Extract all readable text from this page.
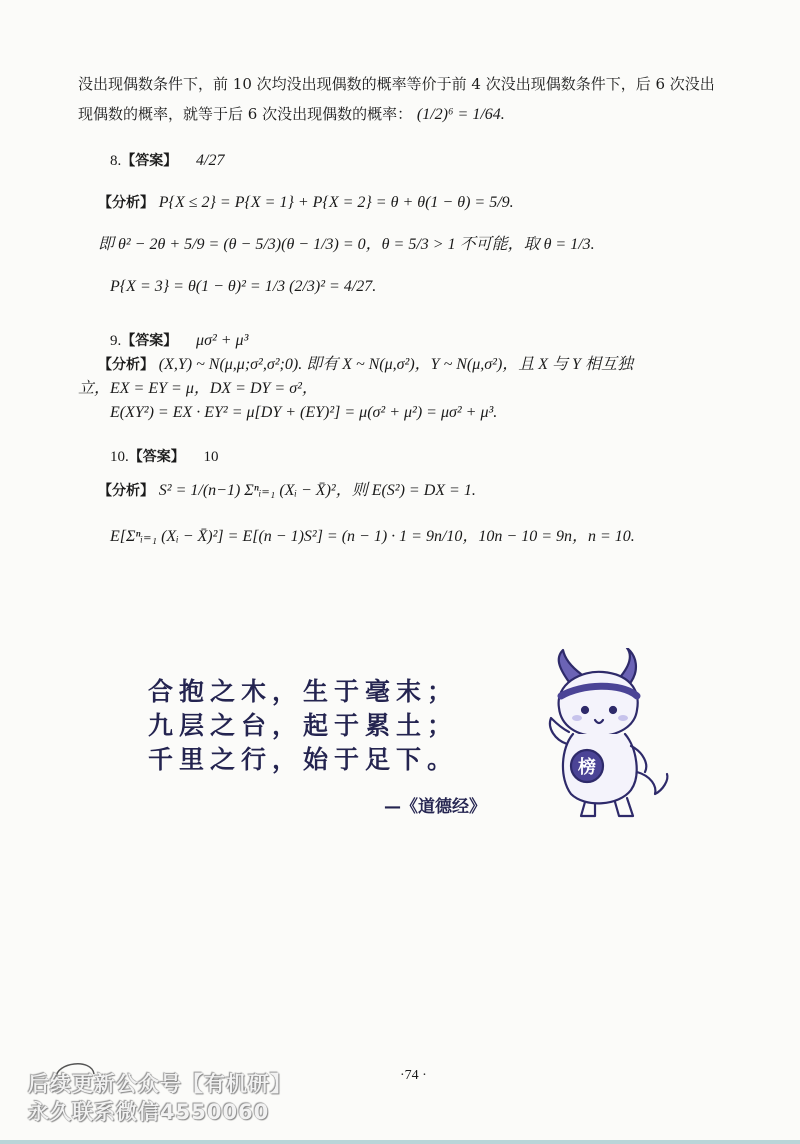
没出现偶数条件下，前 10 次均没出现偶数的概率等价于前 4 次没出现偶数条件下，后 6 次没出
现偶数的概率，就等于后 6 次没出现偶数的概率： (1/2)⁶ = 1/64.
8.【答案】 4/27
【分析】 P{X ≤ 2} = P{X = 1} + P{X = 2} = θ + θ(1 − θ) = 5/9.
即 θ² − 2θ + 5/9 = (θ − 5/3)(θ − 1/3) = 0，θ = 5/3 > 1 不可能，取 θ = 1/3.
P{X = 3} = θ(1 − θ)² = 1/3 (2/3)² = 4/27.
9.【答案】 μσ² + μ³
【分析】 (X,Y) ~ N(μ,μ;σ²,σ²;0). 即有 X ~ N(μ,σ²)，Y ~ N(μ,σ²)，且 X 与 Y 相互独
立，EX = EY = μ，DX = DY = σ²，
E(XY²) = EX · EY² = μ[DY + (EY)²] = μ(σ² + μ²) = μσ² + μ³.
10.【答案】 10
【分析】 S² = 1/(n−1) Σⁿᵢ₌₁ (Xᵢ − X̄)²，则 E(S²) = DX = 1.
E[Σⁿᵢ₌₁ (Xᵢ − X̄)²] = E[(n − 1)S²] = (n − 1) · 1 = 9n/10，10n − 10 = 9n，n = 10.
合抱之木，生于毫末；
九层之台，起于累土；
千里之行，始于足下。
—《道德经》
榜
·74 ·
后续更新公众号【有机研】
永久联系微信4550060
